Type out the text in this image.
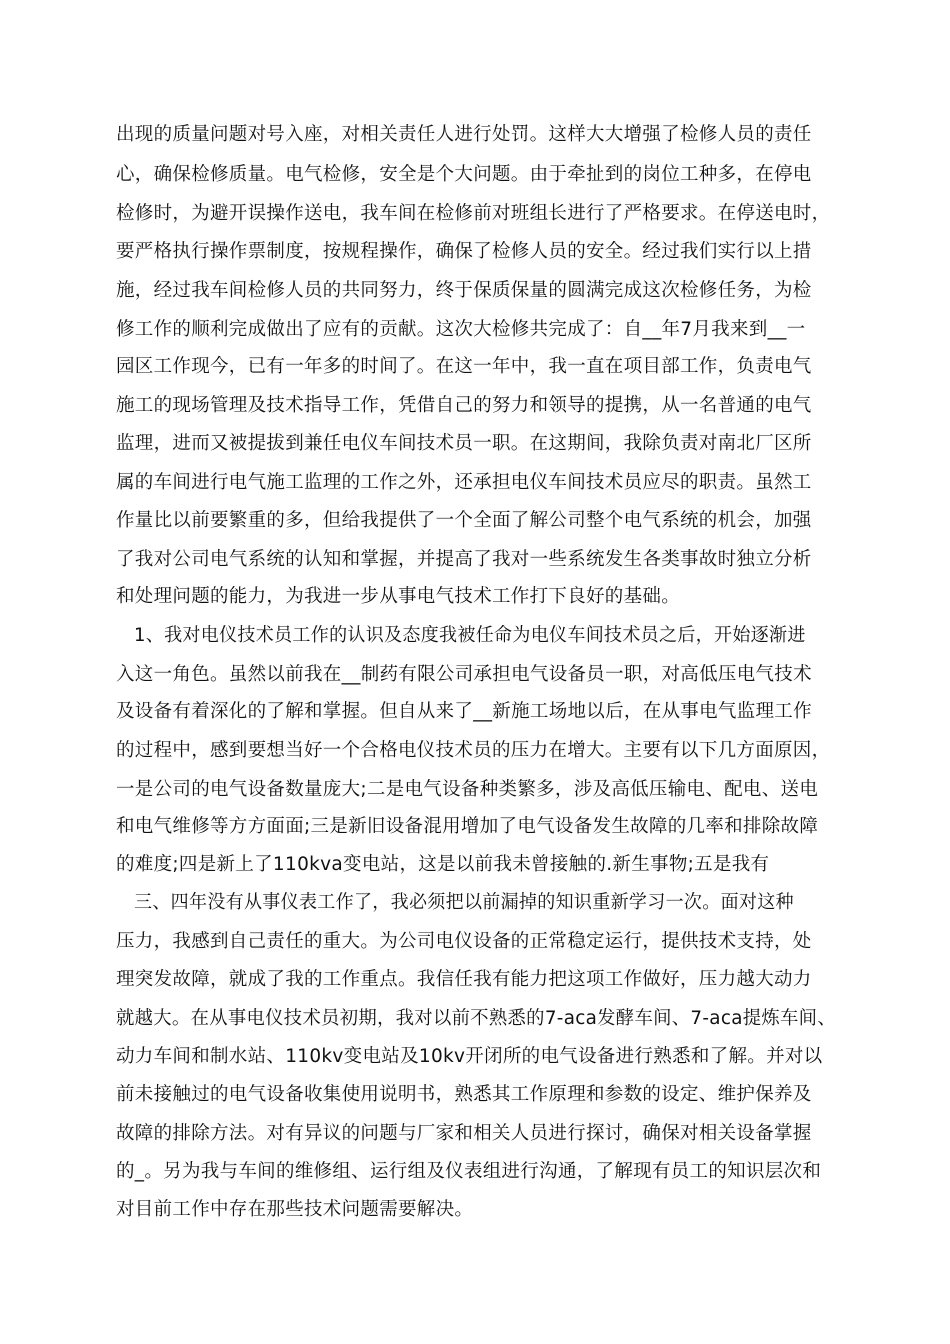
出现的质量问题对号入座，对相关责任人进行处罚。这样大大增强了检修人员的责任
心，确保检修质量。电气检修，安全是个大问题。由于牵扯到的岗位工种多，在停电
检修时，为避开误操作送电，我车间在检修前对班组长进行了严格要求。在停送电时，
要严格执行操作票制度，按规程操作，确保了检修人员的安全。经过我们实行以上措
施，经过我车间检修人员的共同努力，终于保质保量的圆满完成这次检修任务，为检
修工作的顺利完成做出了应有的贡献。这次大检修共完成了：自__年7月我来到__一
园区工作现今，已有一年多的时间了。在这一年中，我一直在项目部工作，负责电气
施工的现场管理及技术指导工作，凭借自己的努力和领导的提携，从一名普通的电气
监理，进而又被提拔到兼任电仪车间技术员一职。在这期间，我除负责对南北厂区所
属的车间进行电气施工监理的工作之外，还承担电仪车间技术员应尽的职责。虽然工
作量比以前要繁重的多，但给我提供了一个全面了解公司整个电气系统的机会，加强
了我对公司电气系统的认知和掌握，并提高了我对一些系统发生各类事故时独立分析
和处理问题的能力，为我进一步从事电气技术工作打下良好的基础。
1、我对电仪技术员工作的认识及态度我被任命为电仪车间技术员之后，开始逐渐进
入这一角色。虽然以前我在__制药有限公司承担电气设备员一职，对高低压电气技术
及设备有着深化的了解和掌握。但自从来了__新施工场地以后，在从事电气监理工作
的过程中，感到要想当好一个合格电仪技术员的压力在增大。主要有以下几方面原因，
一是公司的电气设备数量庞大;二是电气设备种类繁多，涉及高低压输电、配电、送电
和电气维修等方方面面;三是新旧设备混用增加了电气设备发生故障的几率和排除故障
的难度;四是新上了110kva变电站，这是以前我未曾接触的.新生事物;五是我有
三、四年没有从事仪表工作了，我必须把以前漏掉的知识重新学习一次。面对这种
压力，我感到自己责任的重大。为公司电仪设备的正常稳定运行，提供技术支持，处
理突发故障，就成了我的工作重点。我信任我有能力把这项工作做好，压力越大动力
就越大。在从事电仪技术员初期，我对以前不熟悉的7-aca发酵车间、7-aca提炼车间、
动力车间和制水站、110kv变电站及10kv开闭所的电气设备进行熟悉和了解。并对以
前未接触过的电气设备收集使用说明书，熟悉其工作原理和参数的设定、维护保养及
故障的排除方法。对有异议的问题与厂家和相关人员进行探讨，确保对相关设备掌握
的_。另为我与车间的维修组、运行组及仪表组进行沟通，了解现有员工的知识层次和
对目前工作中存在那些技术问题需要解决。
